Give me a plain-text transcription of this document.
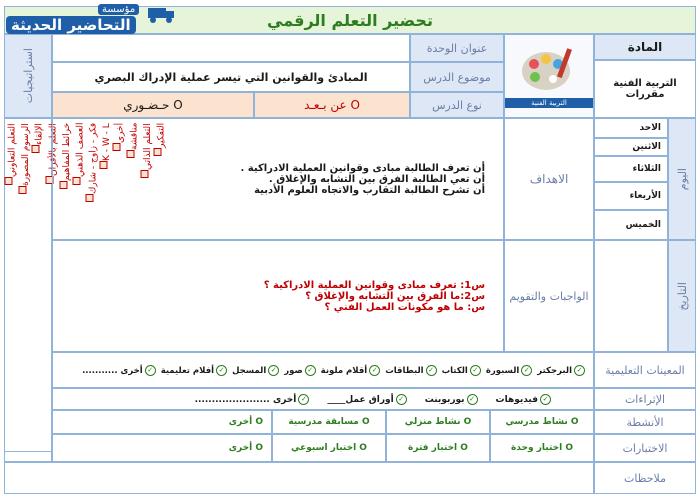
تحضير التعلم الرقمي
مؤسسة
التحاضير الحديثة
المادة
التربية الفنية
مقررات
التربية الفنية
عنوان الوحدة
موضوع الدرس
المبادئ والقوانين التي تيسر عملية الإدراك البصري
نوع الدرس
عن بـعـد O
حـضـوري O
استراتيجيات
التعلم التعاوني الرسوم المصورة الإلقاء التعلم بالأقران خرائط المفاهيم العصف الذهني فكر - زاوج - شارك K - W - L أخرى مناقشة التعلم الذاتي التفكير
اليوم
التاريخ
الاحد
الاثنين
الثلاثاء
الأربعاء
الخميس
الاهداف
أن تعرف الطالبة مبادى وقوانين العملية الادراكية .
أن تعي الطالبة الفرق بين التشابه والإغلاق .
أن تشرح الطالبة التقارب والاتجاه العلوم الأدبية
الواجبات والتقويم
س1: تعرف مبادى وقوانين العملية الادراكية ؟
س2:ما الفرق بين التشابه والإغلاق ؟
س: ما هو مكونات العمل الفني ؟
المعينات التعليمية
✓البرجكتر
✓السبورة
✓الكتاب
✓البطاقات
✓أقلام ملونة
✓صور
✓المسجل
✓أفلام تعليمية
✓أخرى ...........
الإثراءات
✓فيديوهات
✓بوربوينت
✓أوراق عمل____
✓أخرى ......................
الأنشطة
نشاط مدرسي O
نشاط منزلي O
مسابقة مدرسية O
أخرى O
الاختبارات
اختبار وحدة O
اختبار فترة O
اختبار اسبوعي O
أخرى O
ملاحظات
